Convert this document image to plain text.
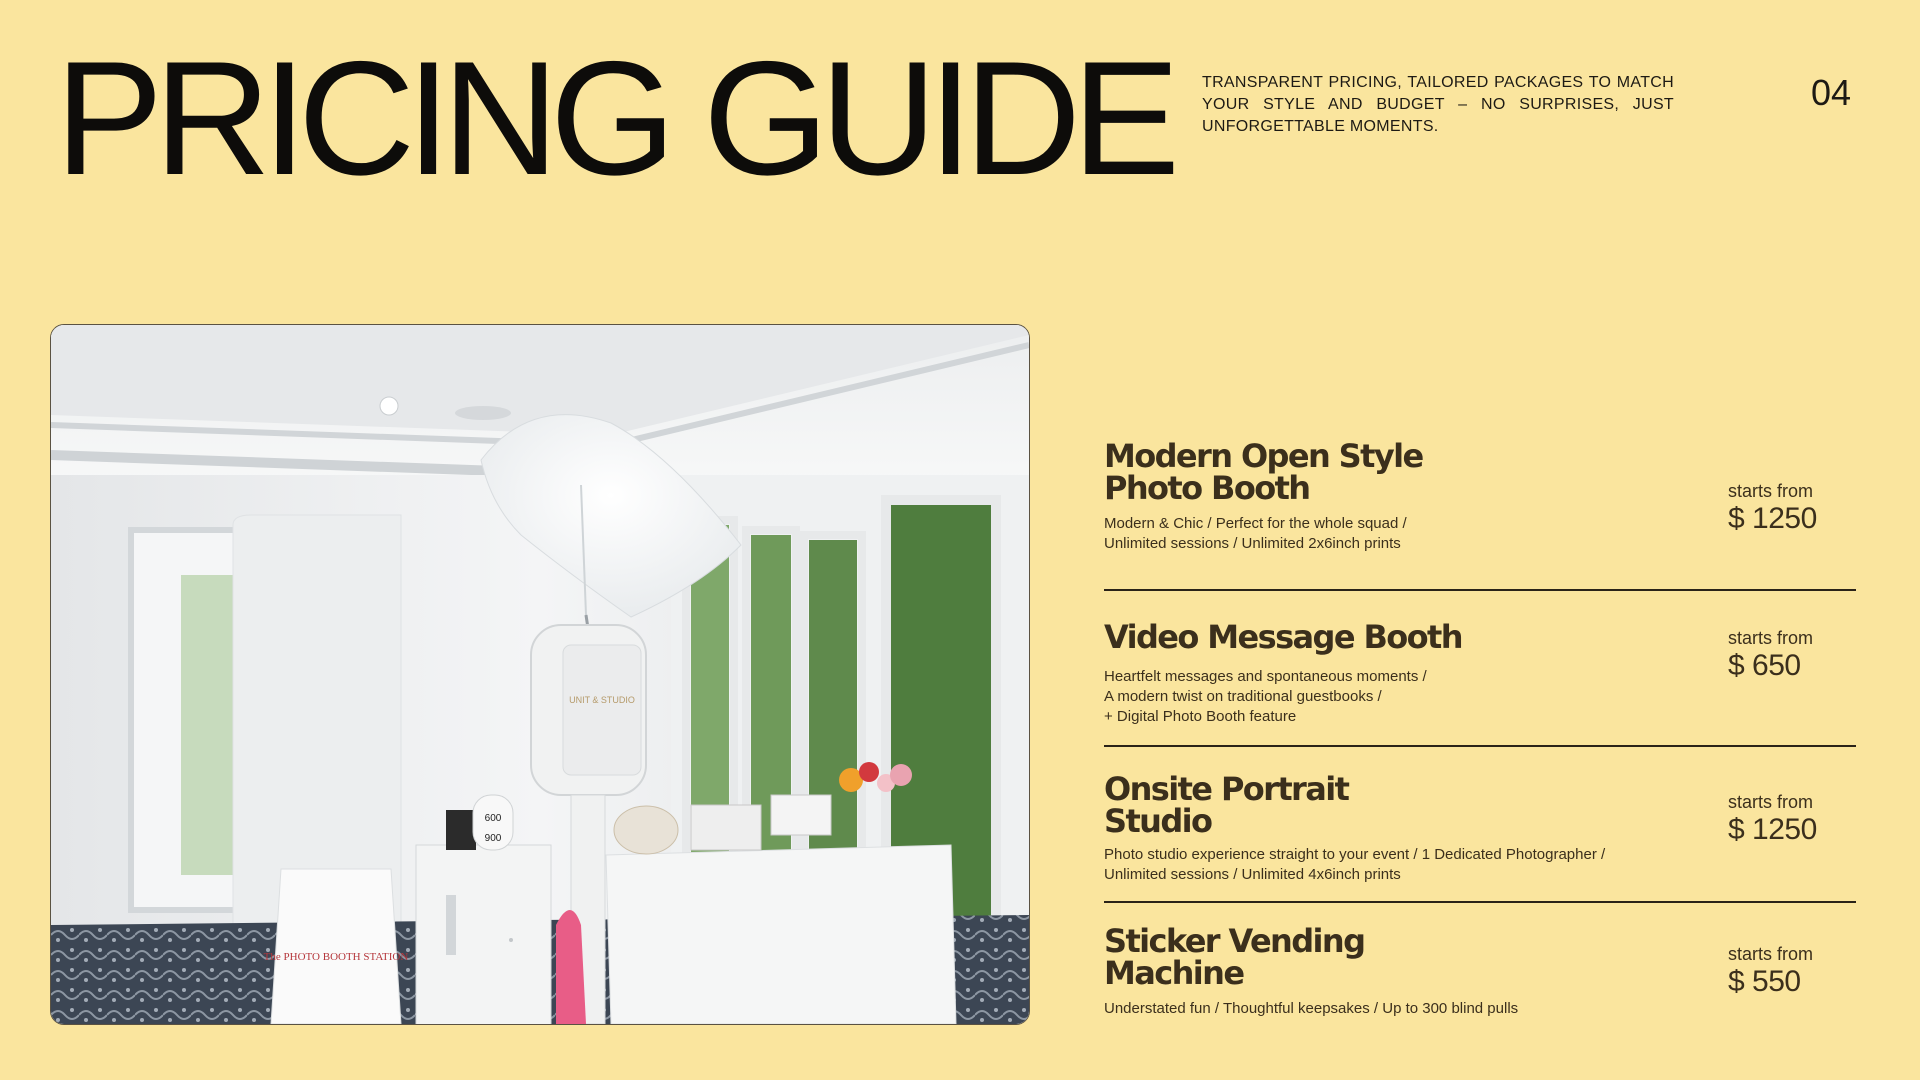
PRICING GUIDE TRANSPARENT PRICING, TAILORED PACKAGES TO MATCH YOUR STYLE AND BUDGET – NO SURPRISES, JUST UNFORGETTABLE MOMENTS.

04

UNIT & STUDIO
600
900
The PHOTO BOOTH STATION
Modern Open Style
Photo Booth

Modern & Chic / Perfect for the whole squad /
Unlimited sessions / Unlimited 2x6inch prints

starts from

$ 1250

Video Message Booth

Heartfelt messages and spontaneous moments /
A modern twist on traditional guestbooks /
+ Digital Photo Booth feature

starts from

$ 650

Onsite Portrait
Studio

Photo studio experience straight to your event / 1 Dedicated Photographer /
Unlimited sessions / Unlimited 4x6inch prints

starts from

$ 1250

Sticker Vending
Machine

Understated fun / Thoughtful keepsakes / Up to 300 blind pulls

starts from

$ 550
